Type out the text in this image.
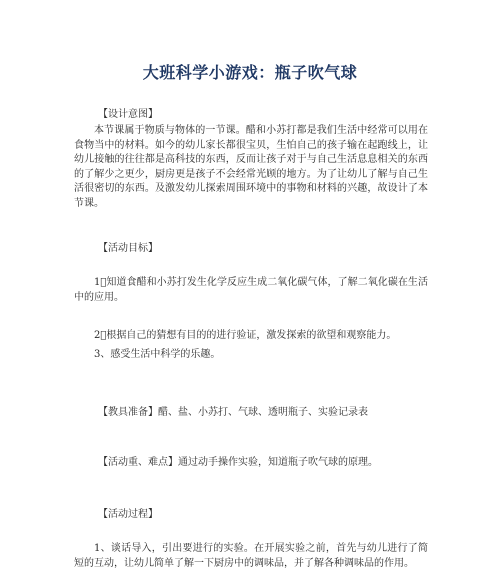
大班科学小游戏：瓶子吹气球
【设计意图】
本节课属于物质与物体的一节课。醋和小苏打都是我们生活中经常可以用在食物当中的材料。如今的幼儿家长都很宝贝，生怕自己的孩子输在起跑线上，让幼儿接触的往往都是高科技的东西，反而让孩子对于与自己生活息息相关的东西的了解少之更少，厨房更是孩子不会经常光顾的地方。为了让幼儿了解与自己生活很密切的东西。及激发幼儿探索周围环境中的事物和材料的兴趣，故设计了本节课。
【活动目标】
1⃣知道食醋和小苏打发生化学反应生成二氧化碳气体，了解二氧化碳在生活中的应用。
2⃣根据自己的猜想有目的的进行验证，激发探索的欲望和观察能力。
3、感受生活中科学的乐趣。
【教具准备】醋、盐、小苏打、气球、透明瓶子、实验记录表
【活动重、难点】通过动手操作实验，知道瓶子吹气球的原理。
【活动过程】
1、谈话导入，引出要进行的实验。在开展实验之前，首先与幼儿进行了简短的互动，让幼儿简单了解一下厨房中的调味品，并了解各种调味品的作用。
